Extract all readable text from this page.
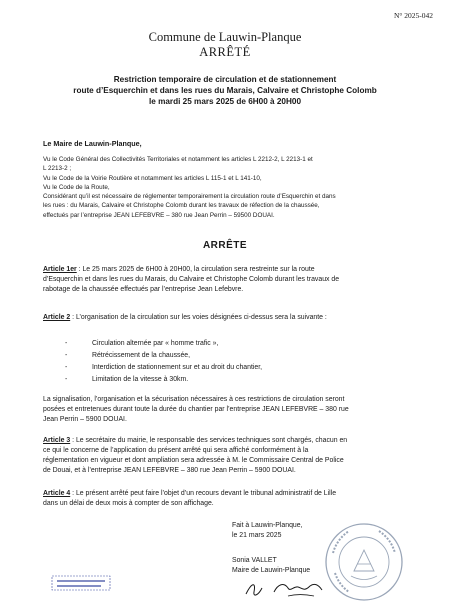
N° 2025-042
Commune de Lauwin-Planque
ARRÊTÉ
Restriction temporaire de circulation et de stationnement
route d’Esquerchin et dans les rues du Marais, Calvaire et Christophe Colomb
le mardi 25 mars 2025 de 6H00 à 20H00
Le Maire de Lauwin-Planque,
Vu le Code Général des Collectivités Territoriales et notamment les articles L 2212-2, L 2213-1 et
L 2213-2 ;
Vu le Code de la Voirie Routière et notamment les articles L 115-1 et L 141-10,
Vu le Code de la Route,
Considérant qu’il est nécessaire de réglementer temporairement la circulation route d’Esquerchin et dans
les rues : du Marais, Calvaire et Christophe Colomb durant les travaux de réfection de la chaussée,
effectués par l’entreprise JEAN LEFEBVRE – 380 rue Jean Perrin – 59500 DOUAI.
ARRÊTE
Article 1er : Le 25 mars 2025 de 6H00 à 20H00, la circulation sera restreinte sur la route
d’Esquerchin et dans les rues du Marais, du Calvaire et Christophe Colomb durant les travaux de
rabotage de la chaussée effectués par l’entreprise Jean Lefebvre.
Article 2 : L’organisation de la circulation sur les voies désignées ci-dessus sera la suivante :
-	Circulation alternée par « homme trafic »,
-	Rétrécissement de la chaussée,
-	Interdiction de stationnement sur et au droit du chantier,
-	Limitation de la vitesse à 30km.
La signalisation, l’organisation et la sécurisation nécessaires à ces restrictions de circulation seront
posées et entretenues durant toute la durée du chantier par l’entreprise JEAN LEFEBVRE – 380 rue
Jean Perrin – 5900 DOUAI.
Article 3 : Le secrétaire du mairie, le responsable des services techniques sont chargés, chacun en
ce qui le concerne de l’application du présent arrêté qui sera affiché conformément à la
réglementation en vigueur et dont ampliation sera adressée à M. le Commissaire Central de Police
de Douai, et à l’entreprise JEAN LEFEBVRE – 380 rue Jean Perrin – 5900 DOUAI.
Article 4 : Le présent arrêté peut faire l’objet d’un recours devant le tribunal administratif de Lille
dans un délai de deux mois à compter de son affichage.
Fait à Lauwin-Planque,
le 21 mars 2025
Sonia VALLET
Maire de Lauwin-Planque
